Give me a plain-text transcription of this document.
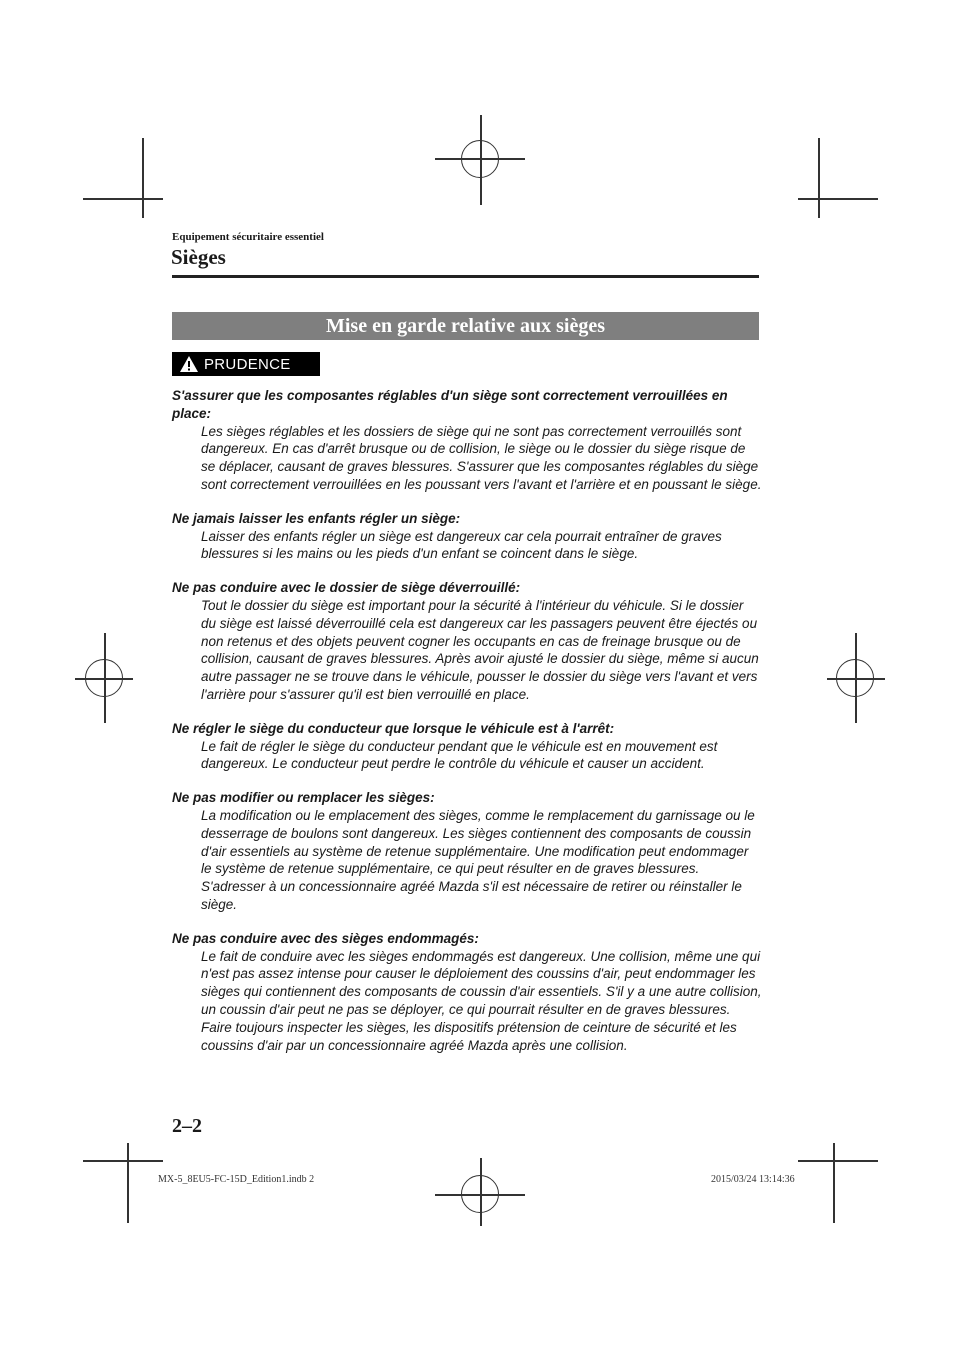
Equipement sécuritaire essentiel
Sièges
Mise en garde relative aux sièges
PRUDENCE
S'assurer que les composantes réglables d'un siège sont correctement verrouillées en place:
Les sièges réglables et les dossiers de siège qui ne sont pas correctement verrouillés sont dangereux. En cas d'arrêt brusque ou de collision, le siège ou le dossier du siège risque de se déplacer, causant de graves blessures. S'assurer que les composantes réglables du siège sont correctement verrouillées en les poussant vers l'avant et l'arrière et en poussant le siège.
Ne jamais laisser les enfants régler un siège:
Laisser des enfants régler un siège est dangereux car cela pourrait entraîner de graves blessures si les mains ou les pieds d'un enfant se coincent dans le siège.
Ne pas conduire avec le dossier de siège déverrouillé:
Tout le dossier du siège est important pour la sécurité à l'intérieur du véhicule. Si le dossier du siège est laissé déverrouillé cela est dangereux car les passagers peuvent être éjectés ou non retenus et des objets peuvent cogner les occupants en cas de freinage brusque ou de collision, causant de graves blessures. Après avoir ajusté le dossier du siège, même si aucun autre passager ne se trouve dans le véhicule, pousser le dossier du siège vers l'avant et vers l'arrière pour s'assurer qu'il est bien verrouillé en place.
Ne régler le siège du conducteur que lorsque le véhicule est à l'arrêt:
Le fait de régler le siège du conducteur pendant que le véhicule est en mouvement est dangereux. Le conducteur peut perdre le contrôle du véhicule et causer un accident.
Ne pas modifier ou remplacer les sièges:
La modification ou le emplacement des sièges, comme le remplacement du garnissage ou le desserrage de boulons sont dangereux. Les sièges contiennent des composants de coussin d'air essentiels au système de retenue supplémentaire. Une modification peut endommager le système de retenue supplémentaire, ce qui peut résulter en de graves blessures. S'adresser à un concessionnaire agréé Mazda s'il est nécessaire de retirer ou réinstaller le siège.
Ne pas conduire avec des sièges endommagés:
Le fait de conduire avec les sièges endommagés est dangereux. Une collision, même une qui n'est pas assez intense pour causer le déploiement des coussins d'air, peut endommager les sièges qui contiennent des composants de coussin d'air essentiels. S'il y a une autre collision, un coussin d'air peut ne pas se déployer, ce qui pourrait résulter en de graves blessures. Faire toujours inspecter les sièges, les dispositifs prétension de ceinture de sécurité et les coussins d'air par un concessionnaire agréé Mazda après une collision.
2–2
MX-5_8EU5-FC-15D_Edition1.indb 2	2015/03/24 13:14:36
